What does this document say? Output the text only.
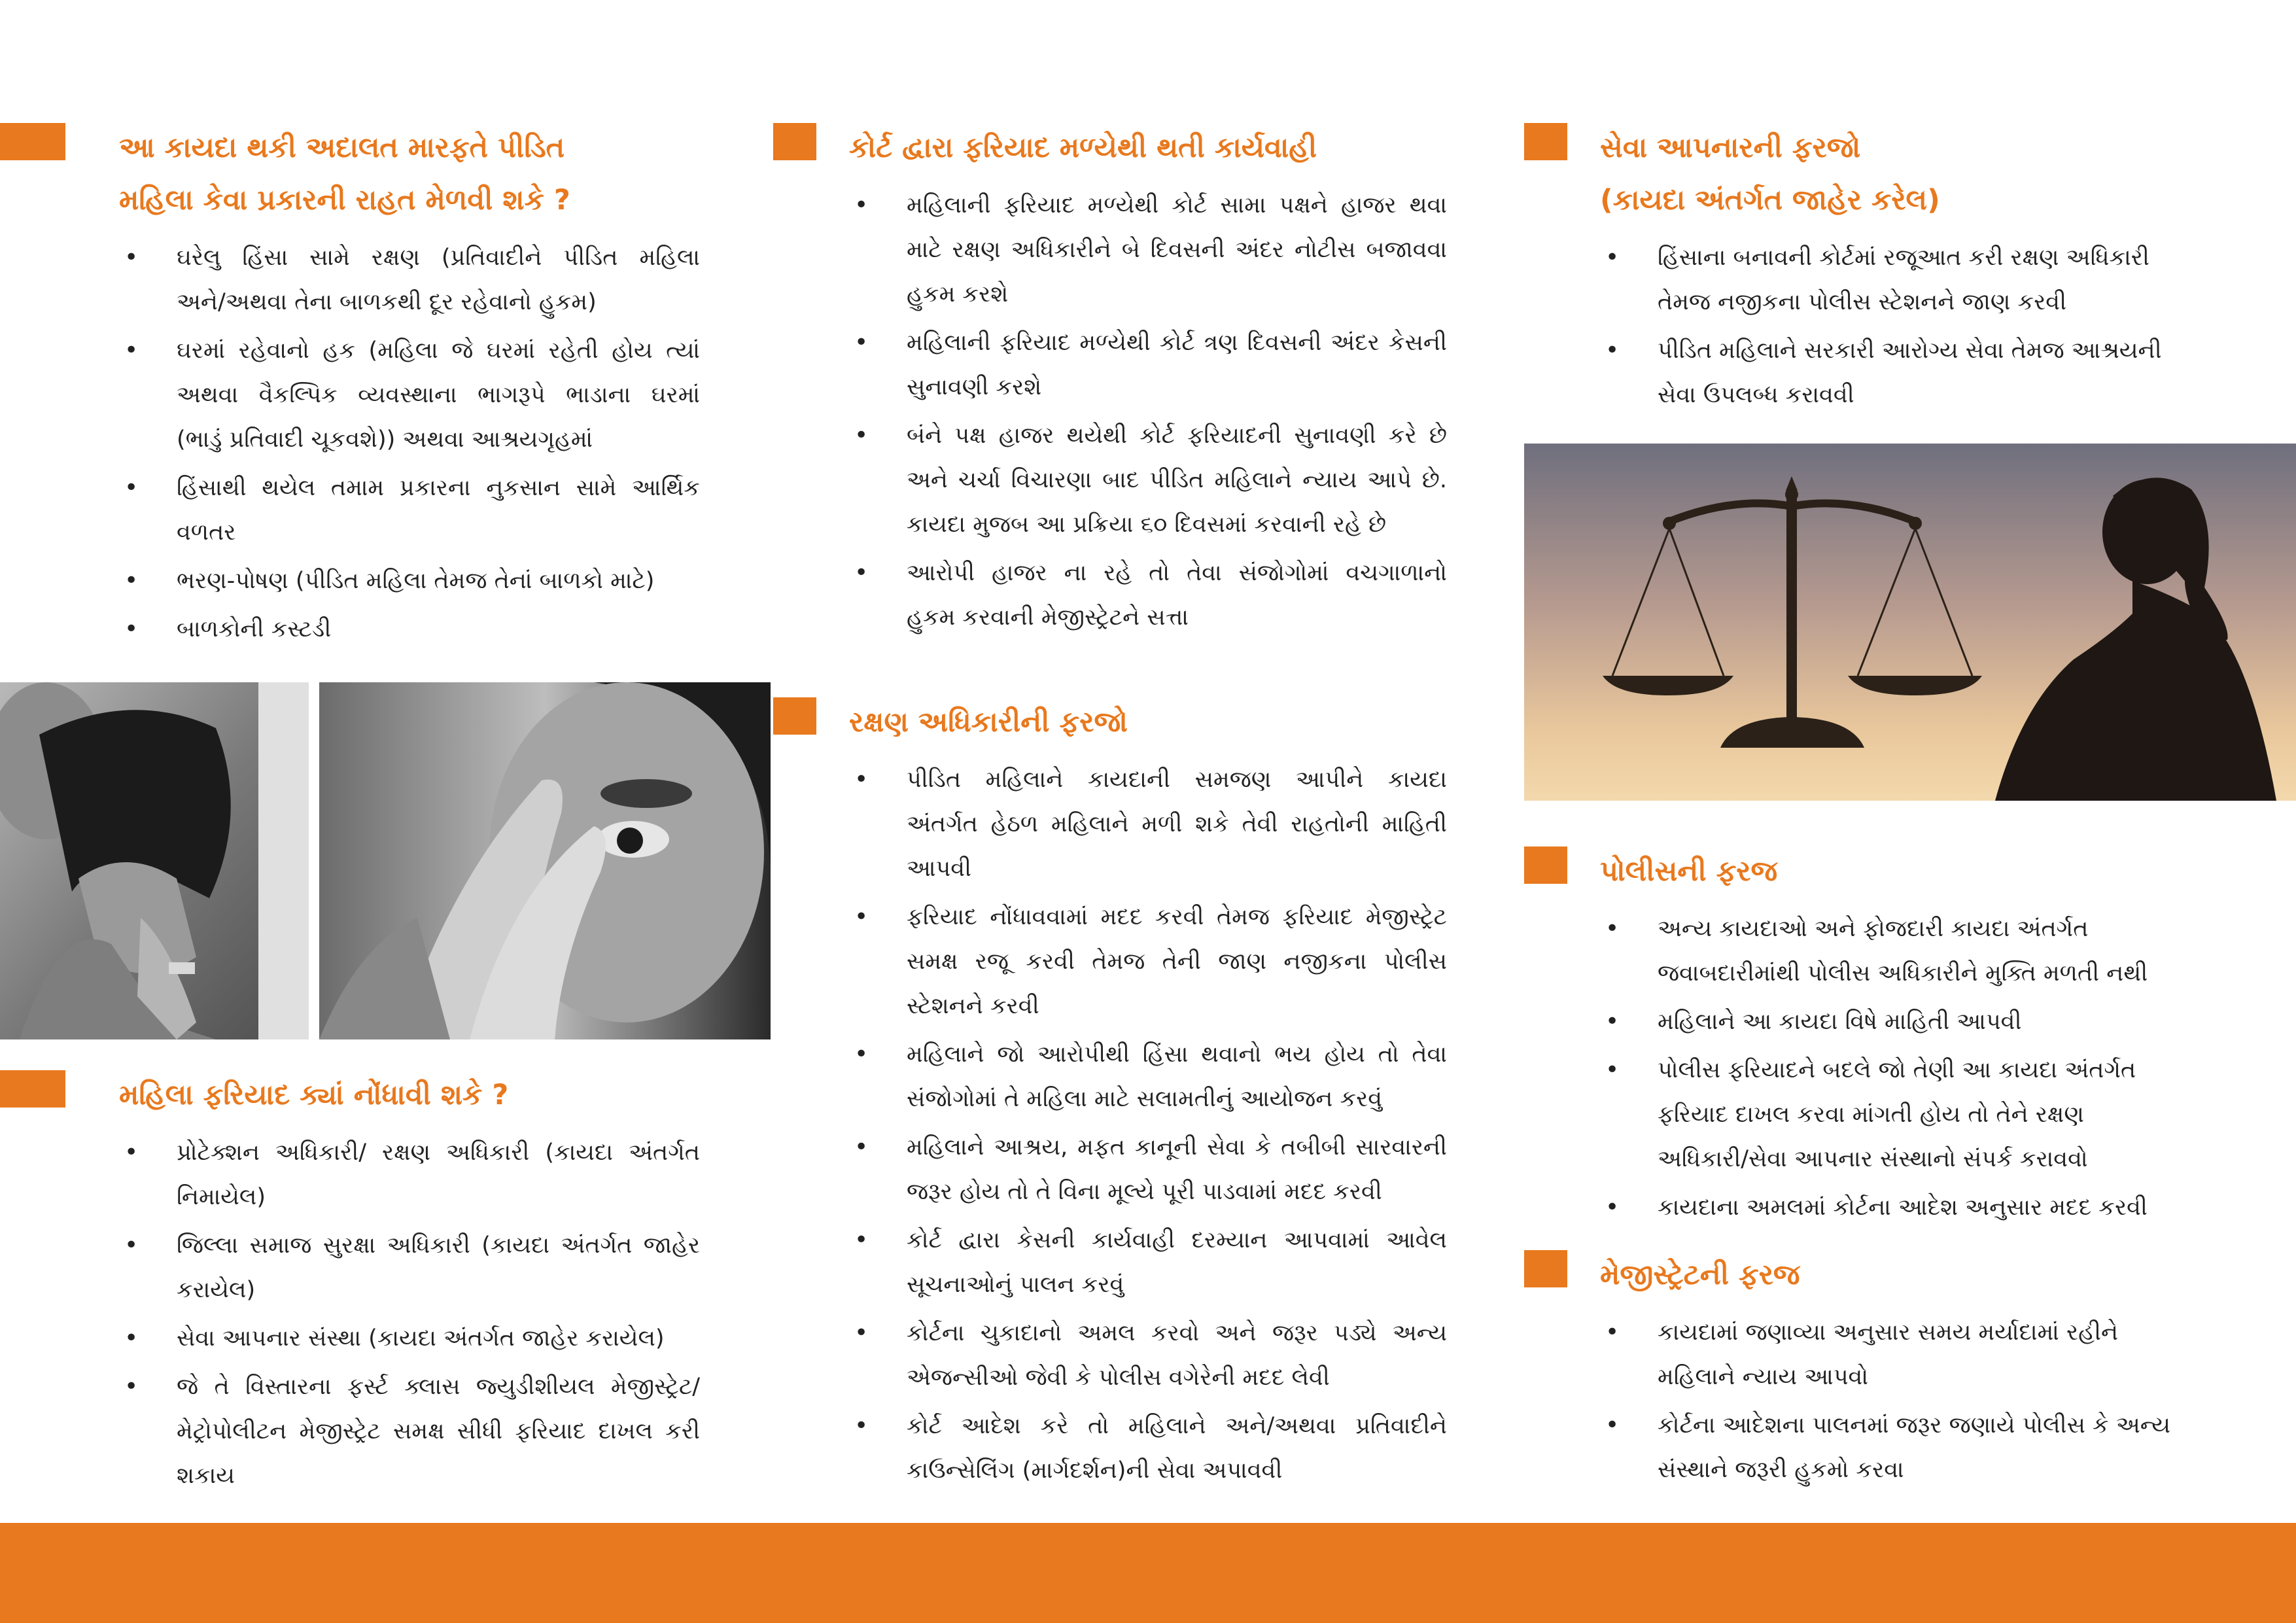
આ કાયદા થકી અદાલત મારફતે પીડિત
મહિલા કેવા પ્રકારની રાહત મેળવી શકે ?
• ઘરેલુ હિંસા સામે રક્ષણ (પ્રતિવાદીને પીડિત મહિલા
અને/અથવા તેના બાળકથી દૂર રહેવાનો હુકમ)
• ઘરમાં રહેવાનો હક (મહિલા જે ઘરમાં રહેતી હોય ત્યાં
અથવા વૈકલ્પિક વ્યવસ્થાના ભાગરૂપે ભાડાના ઘરમાં
(ભાડું પ્રતિવાદી ચૂકવશે)) અથવા આશ્રયગૃહમાં
• હિંસાથી થયેલ તમામ પ્રકારના નુકસાન સામે આર્થિક
વળતર
• ભરણ-પોષણ (પીડિત મહિલા તેમજ તેનાં બાળકો માટે)
• બાળકોની કસ્ટડી
મહિલા ફરિયાદ ક્યાં નોંધાવી શકે ?
• પ્રોટેક્શન અધિકારી/ રક્ષણ અધિકારી (કાયદા અંતર્ગત
નિમાયેલ)
• જિલ્લા સમાજ સુરક્ષા અધિકારી (કાયદા અંતર્ગત જાહેર
કરાયેલ)
• સેવા આપનાર સંસ્થા (કાયદા અંતર્ગત જાહેર કરાયેલ)
• જે તે વિસ્તારના ફર્સ્ટ ક્લાસ જ્યુડીશીયલ મેજીસ્ટ્રેટ/
મેટ્રોપોલીટન મેજીસ્ટ્રેટ સમક્ષ સીધી ફરિયાદ દાખલ કરી
શકાય
કોર્ટ દ્વારા ફરિયાદ મળ્યેથી થતી કાર્યવાહી
• મહિલાની ફરિયાદ મળ્યેથી કોર્ટ સામા પક્ષને હાજર થવા
માટે રક્ષણ અધિકારીને બે દિવસની અંદર નોટીસ બજાવવા
હુકમ કરશે
• મહિલાની ફરિયાદ મળ્યેથી કોર્ટ ત્રણ દિવસની અંદર કેસની
સુનાવણી કરશે
• બંને પક્ષ હાજર થયેથી કોર્ટ ફરિયાદની સુનાવણી કરે છે
અને ચર્ચા વિચારણા બાદ પીડિત મહિલાને ન્યાય આપે છે.
કાયદા મુજબ આ પ્રક્રિયા ૬૦ દિવસમાં કરવાની રહે છે
• આરોપી હાજર ના રહે તો તેવા સંજોગોમાં વચગાળાનો
હુકમ કરવાની મેજીસ્ટ્રેટને સત્તા
રક્ષણ અધિકારીની ફરજો
• પીડિત મહિલાને કાયદાની સમજણ આપીને કાયદા
અંતર્ગત હેઠળ મહિલાને મળી શકે તેવી રાહતોની માહિતી
આપવી
• ફરિયાદ નોંધાવવામાં મદદ કરવી તેમજ ફરિયાદ મેજીસ્ટ્રેટ
સમક્ષ રજૂ કરવી તેમજ તેની જાણ નજીકના પોલીસ
સ્ટેશનને કરવી
• મહિલાને જો આરોપીથી હિંસા થવાનો ભય હોય તો તેવા
સંજોગોમાં તે મહિલા માટે સલામતીનું આયોજન કરવું
• મહિલાને આશ્રય, મફત કાનૂની સેવા કે તબીબી સારવારની
જરૂર હોય તો તે વિના મૂલ્યે પૂરી પાડવામાં મદદ કરવી
• કોર્ટ દ્વારા કેસની કાર્યવાહી દરમ્યાન આપવામાં આવેલ
સૂચનાઓનું પાલન કરવું
• કોર્ટના ચુકાદાનો અમલ કરવો અને જરૂર પડ્યે અન્ય
એજન્સીઓ જેવી કે પોલીસ વગેરેની મદદ લેવી
• કોર્ટ આદેશ કરે તો મહિલાને અને/અથવા પ્રતિવાદીને
કાઉન્સેલિંગ (માર્ગદર્શન)ની સેવા અપાવવી
સેવા આપનારની ફરજો
(કાયદા અંતર્ગત જાહેર કરેલ)
• હિંસાના બનાવની કોર્ટમાં રજૂઆત કરી રક્ષણ અધિકારી
તેમજ નજીકના પોલીસ સ્ટેશનને જાણ કરવી
• પીડિત મહિલાને સરકારી આરોગ્ય સેવા તેમજ આશ્રયની
સેવા ઉપલબ્ધ કરાવવી
પોલીસની ફરજ
• અન્ય કાયદાઓ અને ફોજદારી કાયદા અંતર્ગત
જવાબદારીમાંથી પોલીસ અધિકારીને મુક્તિ મળતી નથી
• મહિલાને આ કાયદા વિષે માહિતી આપવી
• પોલીસ ફરિયાદને બદલે જો તેણી આ કાયદા અંતર્ગત
ફરિયાદ દાખલ કરવા માંગતી હોય તો તેને રક્ષણ
અધિકારી/સેવા આપનાર સંસ્થાનો સંપર્ક કરાવવો
• કાયદાના અમલમાં કોર્ટના આદેશ અનુસાર મદદ કરવી
મેજીસ્ટ્રેટની ફરજ
• કાયદામાં જણાવ્યા અનુસાર સમય મર્યાદામાં રહીને
મહિલાને ન્યાય આપવો
• કોર્ટના આદેશના પાલનમાં જરૂર જણાયે પોલીસ કે અન્ય
સંસ્થાને જરૂરી હુકમો કરવા
